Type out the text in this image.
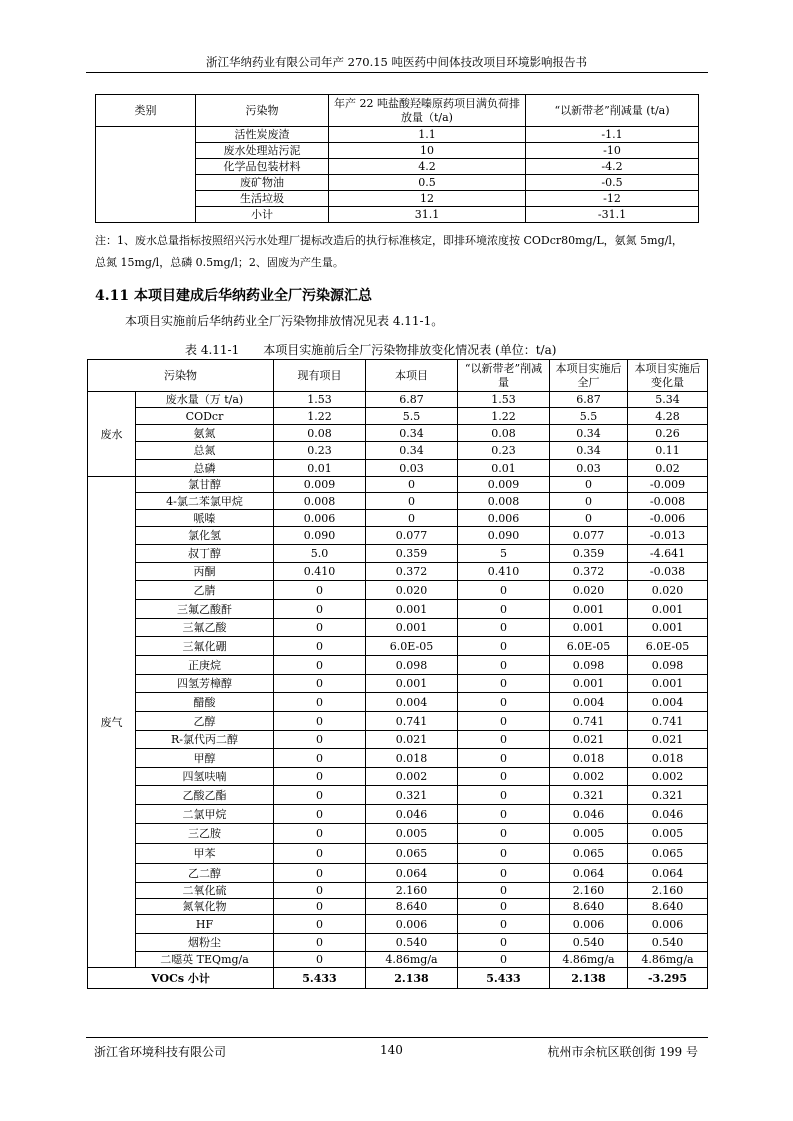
浙江华纳药业有限公司年产 270.15 吨医药中间体技改项目环境影响报告书
类别	污染物	年产 22 吨盐酸羟嗪原药项目满负荷排放量（t/a)	“以新带老”削减量 (t/a)
	活性炭废渣	1.1	-1.1
	废水处理站污泥	10	-10
	化学品包装材料	4.2	-4.2
	废矿物油	0.5	-0.5
	生活垃圾	12	-12
	小计	31.1	-31.1
注：1、废水总量指标按照绍兴污水处理厂提标改造后的执行标准核定，即排环境浓度按 CODcr80mg/L，氨氮 5mg/l，
总氮 15mg/l，总磷 0.5mg/l；2、固废为产生量。
4.11 本项目建成后华纳药业全厂污染源汇总
本项目实施前后华纳药业全厂污染物排放情况见表 4.11-1。
表 4.11-1 本项目实施前后全厂污染物排放变化情况表 (单位：t/a)
污染物		现有项目	本项目	“以新带老”削减量	本项目实施后全厂	本项目实施后变化量
废水	废水量（万 t/a)	1.53	6.87	1.53	6.87	5.34
	CODcr	1.22	5.5	1.22	5.5	4.28
	氨氮	0.08	0.34	0.08	0.34	0.26
	总氮	0.23	0.34	0.23	0.34	0.11
	总磷	0.01	0.03	0.01	0.03	0.02
废气	氯甘醇	0.009	0	0.009	0	-0.009
	4-氯二苯氯甲烷	0.008	0	0.008	0	-0.008
	哌嗪	0.006	0	0.006	0	-0.006
	氯化氢	0.090	0.077	0.090	0.077	-0.013
	叔丁醇	5.0	0.359	5	0.359	-4.641
	丙酮	0.410	0.372	0.410	0.372	-0.038
	乙腈	0	0.020	0	0.020	0.020
	三氟乙酸酐	0	0.001	0	0.001	0.001
	三氟乙酸	0	0.001	0	0.001	0.001
	三氟化硼	0	6.0E-05	0	6.0E-05	6.0E-05
	正庚烷	0	0.098	0	0.098	0.098
	四氢芳樟醇	0	0.001	0	0.001	0.001
	醋酸	0	0.004	0	0.004	0.004
	乙醇	0	0.741	0	0.741	0.741
	R-氯代丙二醇	0	0.021	0	0.021	0.021
	甲醇	0	0.018	0	0.018	0.018
	四氢呋喃	0	0.002	0	0.002	0.002
	乙酸乙酯	0	0.321	0	0.321	0.321
	二氯甲烷	0	0.046	0	0.046	0.046
	三乙胺	0	0.005	0	0.005	0.005
	甲苯	0	0.065	0	0.065	0.065
	乙二醇	0	0.064	0	0.064	0.064
	二氧化硫	0	2.160	0	2.160	2.160
	氮氧化物	0	8.640	0	8.640	8.640
	HF	0	0.006	0	0.006	0.006
	烟粉尘	0	0.540	0	0.540	0.540
	二噁英 TEQmg/a	0	4.86mg/a	0	4.86mg/a	4.86mg/a
VOCs 小计		5.433	2.138	5.433	2.138	-3.295
浙江省环境科技有限公司	140	杭州市余杭区联创街 199 号
